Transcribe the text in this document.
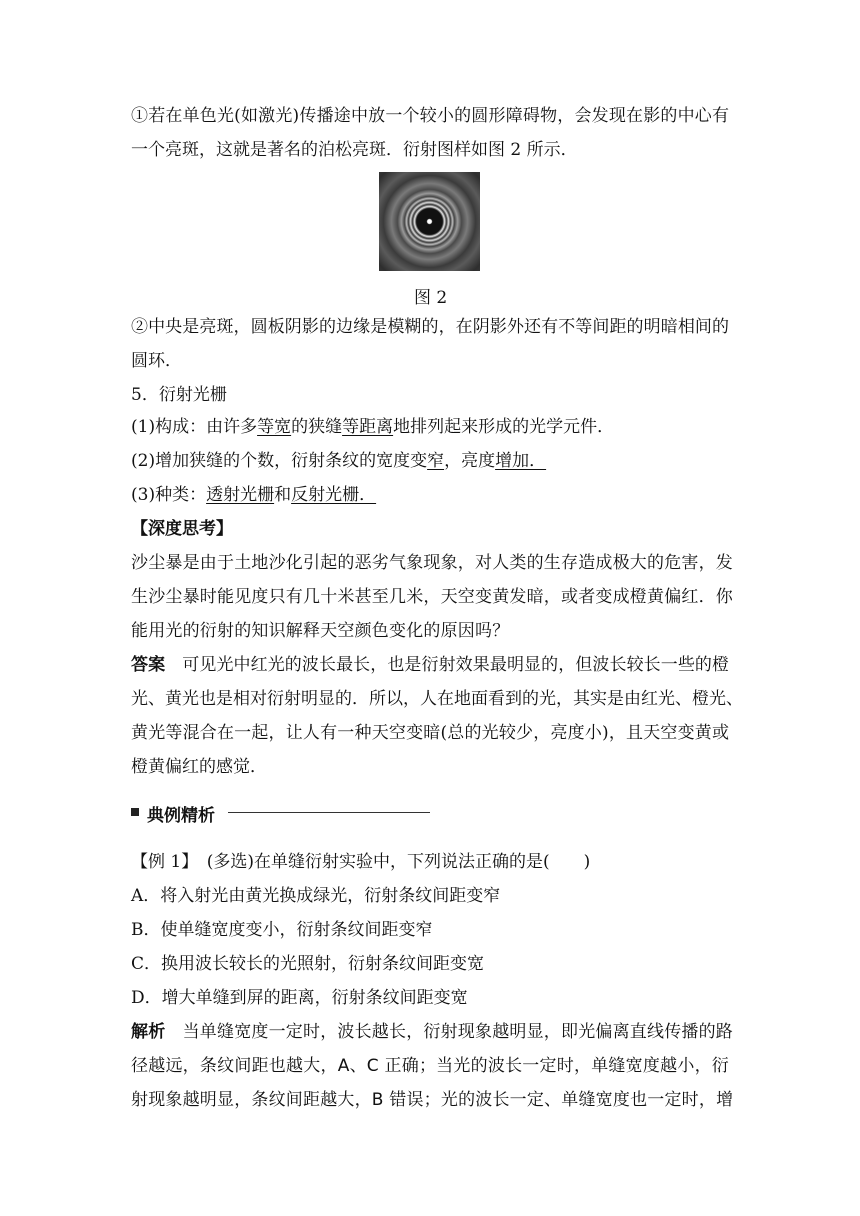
①若在单色光(如激光)传播途中放一个较小的圆形障碍物，会发现在影的中心有
一个亮斑，这就是著名的泊松亮斑．衍射图样如图 2 所示．
图 2
②中央是亮斑，圆板阴影的边缘是模糊的，在阴影外还有不等间距的明暗相间的
圆环．
5．衍射光栅
(1)构成：由许多等宽的狭缝等距离地排列起来形成的光学元件．
(2)增加狭缝的个数，衍射条纹的宽度变窄，亮度增加．
(3)种类：透射光栅和反射光栅．
【深度思考】
沙尘暴是由于土地沙化引起的恶劣气象现象，对人类的生存造成极大的危害，发
生沙尘暴时能见度只有几十米甚至几米，天空变黄发暗，或者变成橙黄偏红．你
能用光的衍射的知识解释天空颜色变化的原因吗？
答案　可见光中红光的波长最长，也是衍射效果最明显的，但波长较长一些的橙
光、黄光也是相对衍射明显的．所以，人在地面看到的光，其实是由红光、橙光、
黄光等混合在一起，让人有一种天空变暗(总的光较少，亮度小)，且天空变黄或
橙黄偏红的感觉．
典例精析
【例 1】　(多选)在单缝衍射实验中，下列说法正确的是(　　)
A．将入射光由黄光换成绿光，衍射条纹间距变窄
B．使单缝宽度变小，衍射条纹间距变窄
C．换用波长较长的光照射，衍射条纹间距变宽
D．增大单缝到屏的距离，衍射条纹间距变宽
解析　当单缝宽度一定时，波长越长，衍射现象越明显，即光偏离直线传播的路
径越远，条纹间距也越大，A、C 正确；当光的波长一定时，单缝宽度越小，衍
射现象越明显，条纹间距越大，B 错误；光的波长一定、单缝宽度也一定时，增
